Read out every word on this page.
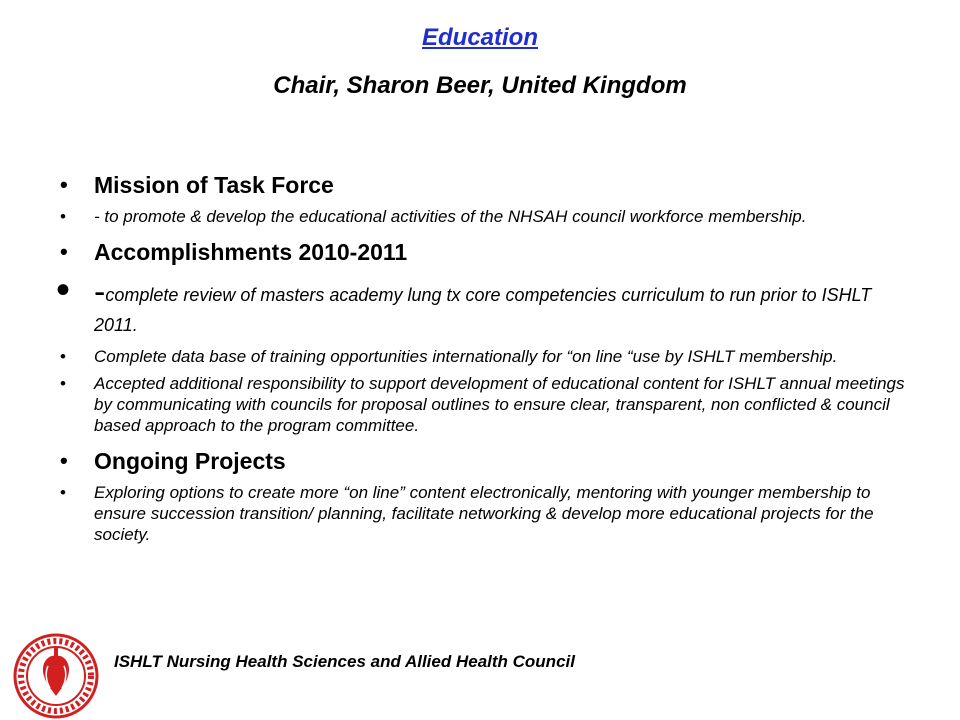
Education
Chair, Sharon Beer, United Kingdom
• Mission of Task Force
• - to promote & develop the educational activities of the NHSAH council workforce membership.
• Accomplishments 2010-2011
• -complete review of masters academy lung tx core competencies curriculum to run prior to ISHLT 2011.
• Complete data base of training opportunities internationally for “on line “use by ISHLT membership.
• Accepted additional responsibility to support development of educational content for ISHLT annual meetings by communicating with councils for proposal outlines to ensure clear, transparent, non conflicted & council based approach to the program committee.
• Ongoing Projects
• Exploring options to create more “on line” content electronically, mentoring with younger membership to ensure succession transition/ planning, facilitate networking & develop more educational projects for the society.
ISHLT Nursing Health Sciences and Allied Health Council
